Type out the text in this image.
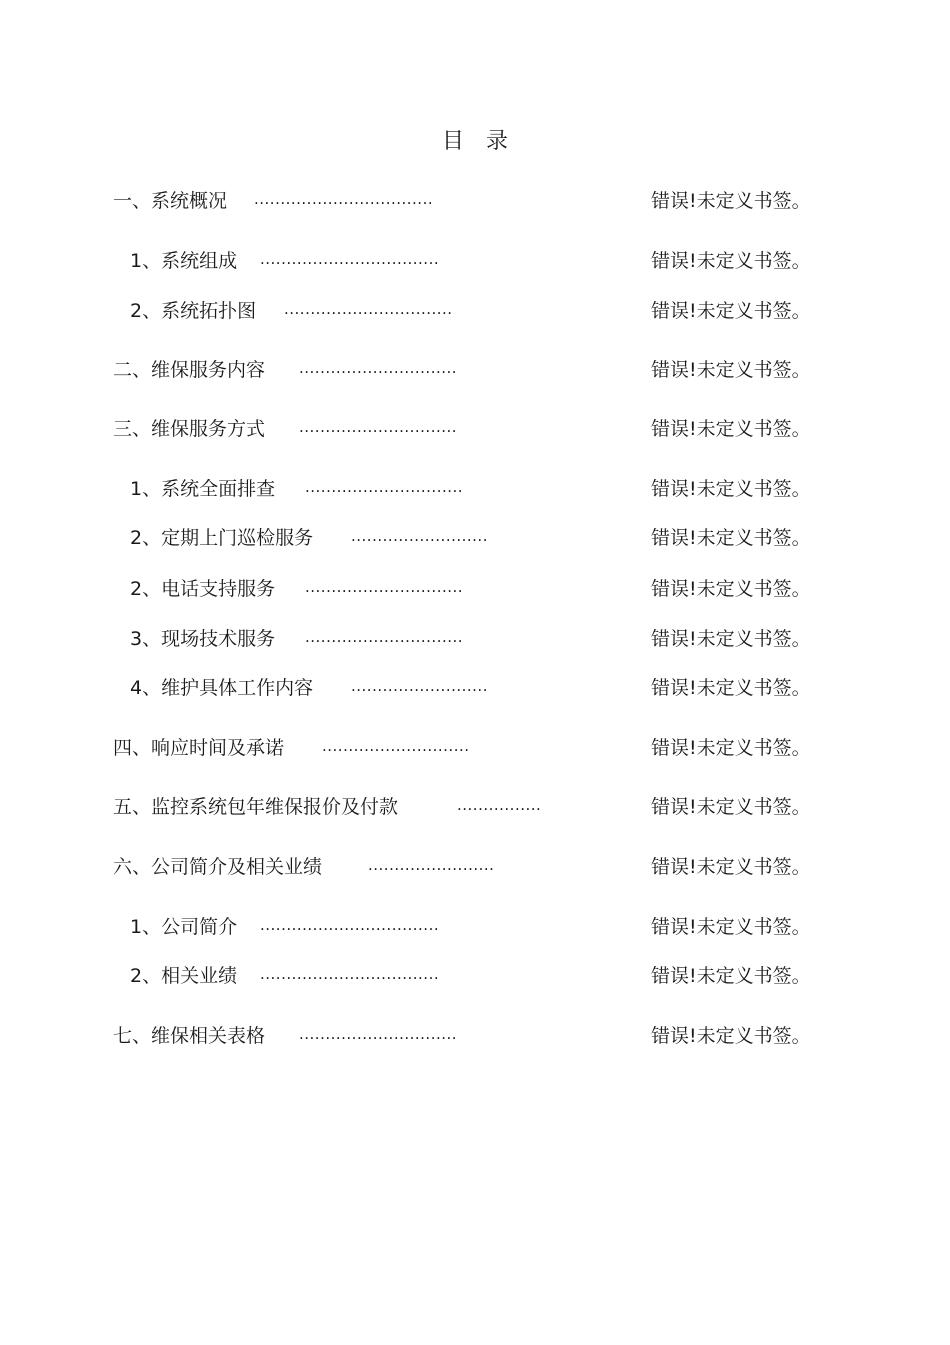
目　录
一、系统概况 ..................................	错误!未定义书签。
1、系统组成 ..................................	错误!未定义书签。
2、系统拓扑图 ................................	错误!未定义书签。
二、维保服务内容 ..............................	错误!未定义书签。
三、维保服务方式 ..............................	错误!未定义书签。
1、系统全面排查 ..............................	错误!未定义书签。
2、定期上门巡检服务	..........................	错误!未定义书签。
2、电话支持服务 ..............................	错误!未定义书签。
3、现场技术服务 ..............................	错误!未定义书签。
4、维护具体工作内容	..........................	错误!未定义书签。
四、响应时间及承诺	............................	错误!未定义书签。
五、监控系统包年维保报价及付款	................	错误!未定义书签。
六、公司简介及相关业绩	........................	错误!未定义书签。
1、公司简介 ..................................	错误!未定义书签。
2、相关业绩 ..................................	错误!未定义书签。
七、维保相关表格 ..............................	错误!未定义书签。
